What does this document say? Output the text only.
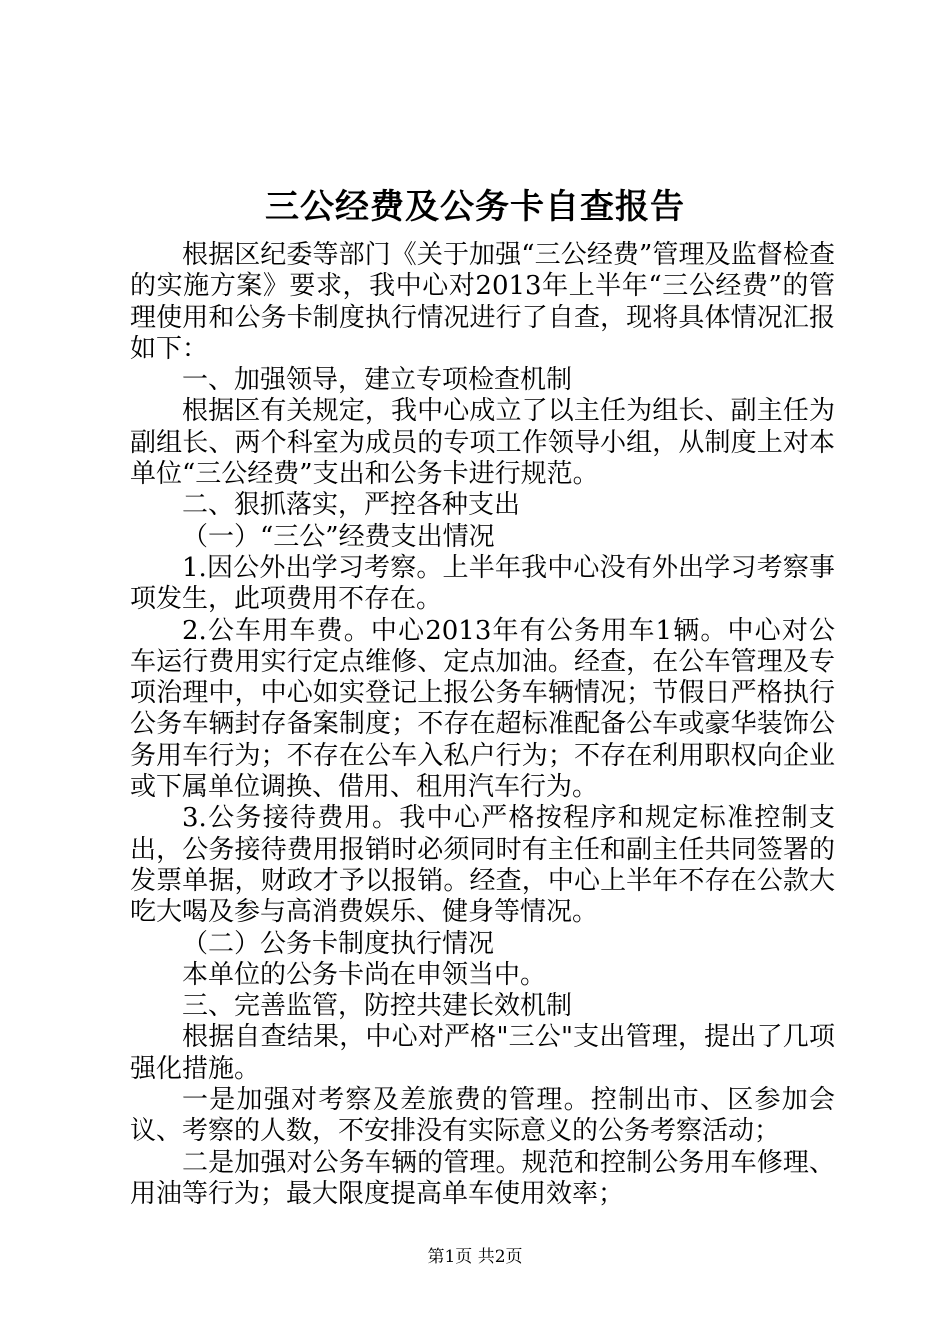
三公经费及公务卡自查报告

根据区纪委等部门《关于加强“三公经费”管理及监督检查的实施方案》要求，我中心对2013年上半年“三公经费”的管理使用和公务卡制度执行情况进行了自查，现将具体情况汇报如下：

一、加强领导，建立专项检查机制

根据区有关规定，我中心成立了以主任为组长、副主任为副组长、两个科室为成员的专项工作领导小组，从制度上对本单位“三公经费”支出和公务卡进行规范。

二、狠抓落实，严控各种支出

（一）“三公”经费支出情况

1.因公外出学习考察。上半年我中心没有外出学习考察事项发生，此项费用不存在。

2.公车用车费。中心2013年有公务用车1辆。中心对公车运行费用实行定点维修、定点加油。经查，在公车管理及专项治理中，中心如实登记上报公务车辆情况；节假日严格执行公务车辆封存备案制度；不存在超标准配备公车或豪华装饰公务用车行为；不存在公车入私户行为；不存在利用职权向企业或下属单位调换、借用、租用汽车行为。

3.公务接待费用。我中心严格按程序和规定标准控制支出，公务接待费用报销时必须同时有主任和副主任共同签署的发票单据，财政才予以报销。经查，中心上半年不存在公款大吃大喝及参与高消费娱乐、健身等情况。

（二）公务卡制度执行情况

本单位的公务卡尚在申领当中。

三、完善监管，防控共建长效机制

根据自查结果，中心对严格"三公"支出管理，提出了几项强化措施。

一是加强对考察及差旅费的管理。控制出市、区参加会议、考察的人数，不安排没有实际意义的公务考察活动；

二是加强对公务车辆的管理。规范和控制公务用车修理、用油等行为；最大限度提高单车使用效率；

第1页 共2页
